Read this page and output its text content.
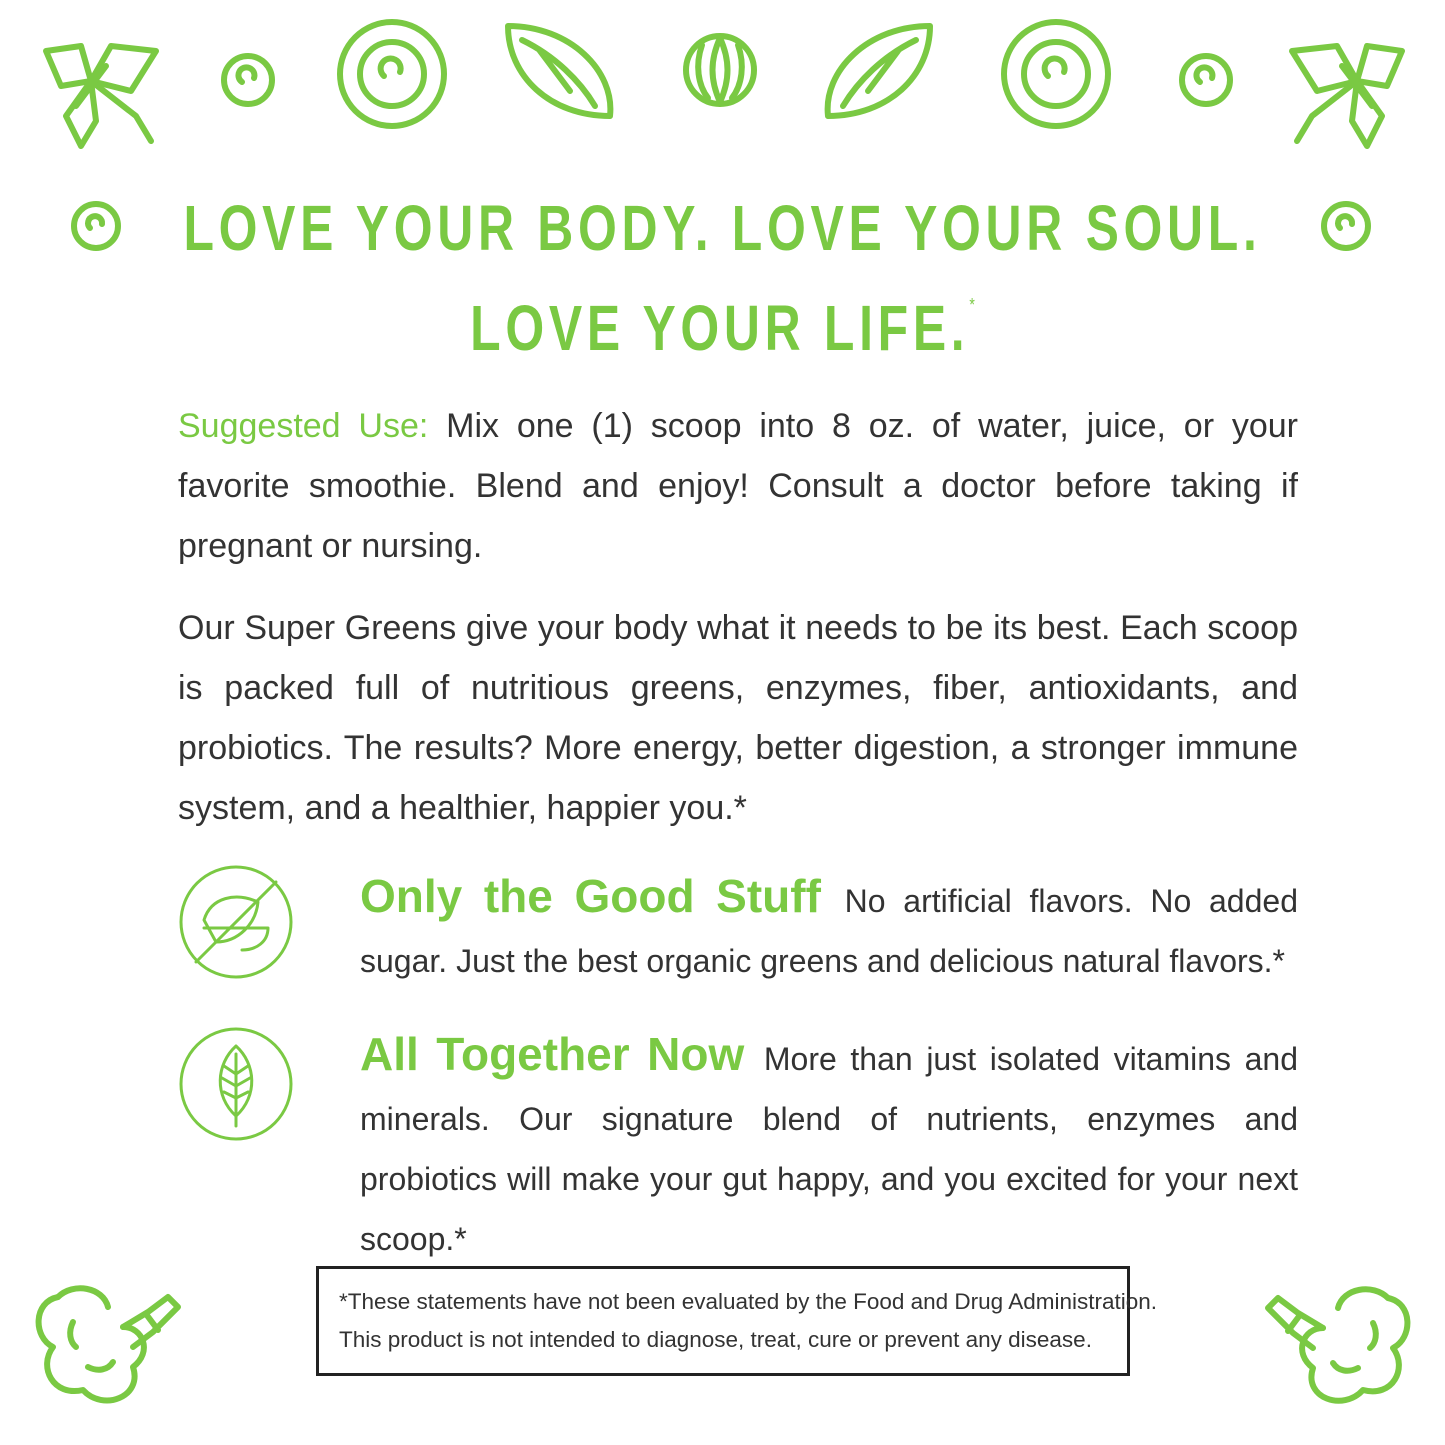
LOVE YOUR BODY. LOVE YOUR SOUL.
LOVE YOUR LIFE.*

Suggested Use: Mix one (1) scoop into 8 oz. of water, juice, or your favorite smoothie. Blend and enjoy! Consult a doctor before taking if pregnant or nursing.

Our Super Greens give your body what it needs to be its best. Each scoop is packed full of nutritious greens, enzymes, fiber, antioxidants, and probiotics. The results? More energy, better digestion, a stronger immune system, and a healthier, happier you.*

Only the Good Stuff No artificial flavors. No added sugar. Just the best organic greens and delicious natural flavors.*

All Together Now More than just isolated vitamins and minerals. Our signature blend of nutrients, enzymes and probiotics will make your gut happy, and you excited for your next scoop.*

*These statements have not been evaluated by the Food and Drug Administration.
This product is not intended to diagnose, treat, cure or prevent any disease.
